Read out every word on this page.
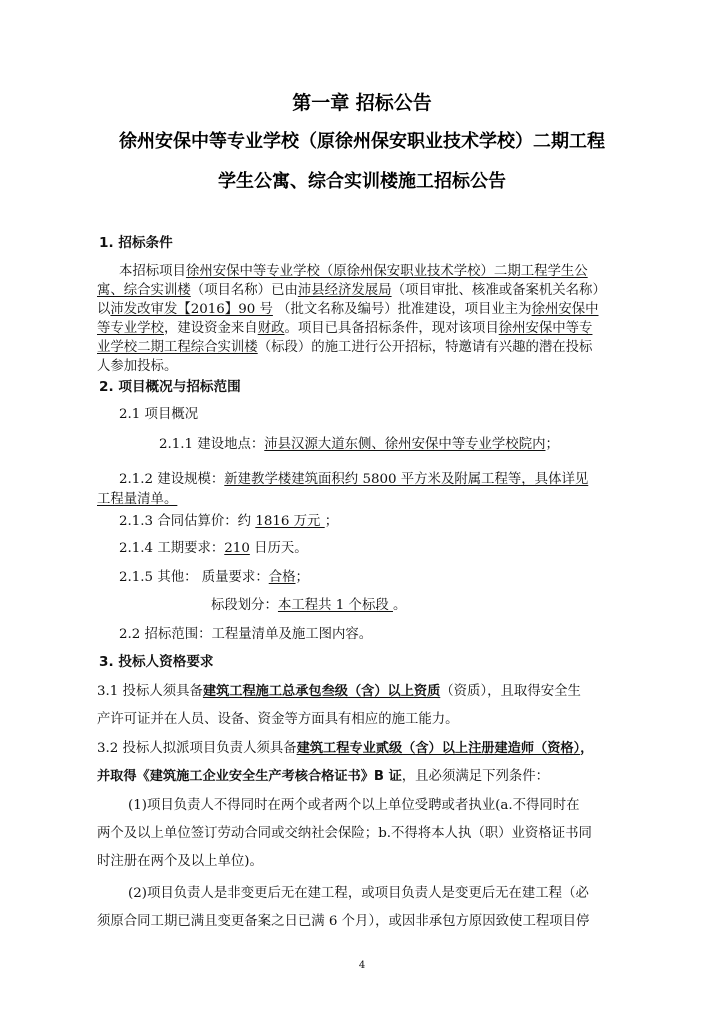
第一章 招标公告
徐州安保中等专业学校（原徐州保安职业技术学校）二期工程
学生公寓、综合实训楼施工招标公告
1. 招标条件
本招标项目徐州安保中等专业学校（原徐州保安职业技术学校）二期工程学生公
寓、综合实训楼（项目名称）已由沛县经济发展局（项目审批、核准或备案机关名称）
以沛发改审发【2016】90 号 （批文名称及编号）批准建设，项目业主为徐州安保中
等专业学校，建设资金来自财政。项目已具备招标条件，现对该项目徐州安保中等专
业学校二期工程综合实训楼（标段）的施工进行公开招标，特邀请有兴趣的潜在投标
人参加投标。
2. 项目概况与招标范围
2.1 项目概况
2.1.1 建设地点：沛县汉源大道东侧、徐州安保中等专业学校院内；
2.1.2 建设规模：新建教学楼建筑面积约 5800 平方米及附属工程等，具体详见
工程量清单。
2.1.3 合同估算价：约 1816 万元 ；
2.1.4 工期要求：210 日历天。
2.1.5 其他： 质量要求：合格；
标段划分：本工程共 1 个标段 。
2.2 招标范围：工程量清单及施工图内容。
3. 投标人资格要求
3.1 投标人须具备建筑工程施工总承包叁级（含）以上资质（资质），且取得安全生
产许可证并在人员、设备、资金等方面具有相应的施工能力。
3.2 投标人拟派项目负责人须具备建筑工程专业贰级（含）以上注册建造师（资格），
并取得《建筑施工企业安全生产考核合格证书》B 证，且必须满足下列条件：
(1)项目负责人不得同时在两个或者两个以上单位受聘或者执业(a.不得同时在
两个及以上单位签订劳动合同或交纳社会保险；b.不得将本人执（职）业资格证书同
时注册在两个及以上单位)。
(2)项目负责人是非变更后无在建工程，或项目负责人是变更后无在建工程（必
须原合同工期已满且变更备案之日已满 6 个月），或因非承包方原因致使工程项目停
4
